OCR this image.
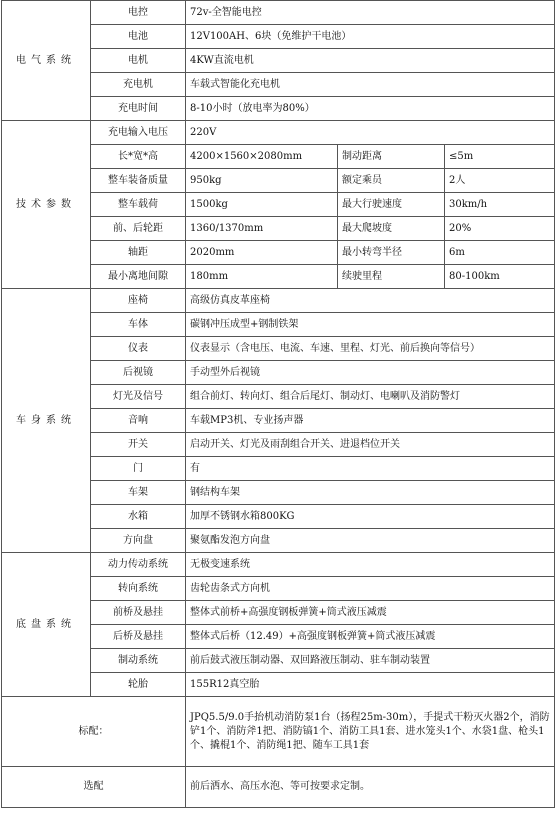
电气系统	电控	72v-全智能电控		
	电池	12V100AH、6块（免维护干电池）		
	电机	4KW直流电机		
	充电机	车载式智能化充电机		
	充电时间	8-10小时（放电率为80%）		
技术参数	充电输入电压	220V		
	长*宽*高	4200×1560×2080mm	制动距离	≤5m
	整车装备质量	950kg	额定乘员	2人
	整车载荷	1500kg	最大行驶速度	30km/h
	前、后轮距	1360/1370mm	最大爬坡度	20%
	轴距	2020mm	最小转弯半径	6m
	最小离地间隙	180mm	续驶里程	80-100km
车身系统	座椅	高级仿真皮革座椅		
	车体	碳钢冲压成型+钢制铁架		
	仪表	仪表显示（含电压、电流、车速、里程、灯光、前后换向等信号）		
	后视镜	手动型外后视镜		
	灯光及信号	组合前灯、转向灯、组合后尾灯、制动灯、电喇叭及消防警灯		
	音响	车载MP3机、专业扬声器		
	开关	启动开关、灯光及雨刮组合开关、进退档位开关		
	门	有		
	车架	钢结构车架		
	水箱	加厚不锈钢水箱800KG		
	方向盘	聚氨酯发泡方向盘		
底盘系统	动力传动系统	无极变速系统		
	转向系统	齿轮齿条式方向机		
	前桥及悬挂	整体式前桥+高强度钢板弹簧+筒式液压减震		
	后桥及悬挂	整体式后桥（12.49）+高强度钢板弹簧+筒式液压减震		
	制动系统	前后鼓式液压制动器、双回路液压制动、驻车制动装置		
	轮胎	155R12真空胎		
标配：		JPQ5.5/9.0手抬机动消防泵1台（扬程25m-30m），手提式干粉灭火器2个，消防铲1个、消防斧1把、消防镐1个、消防工具1套、进水笼头1个、水袋1盘、枪头1个、撬棍1个、消防绳1把、随车工具1套		
选配		前后洒水、高压水泡、等可按要求定制。		
